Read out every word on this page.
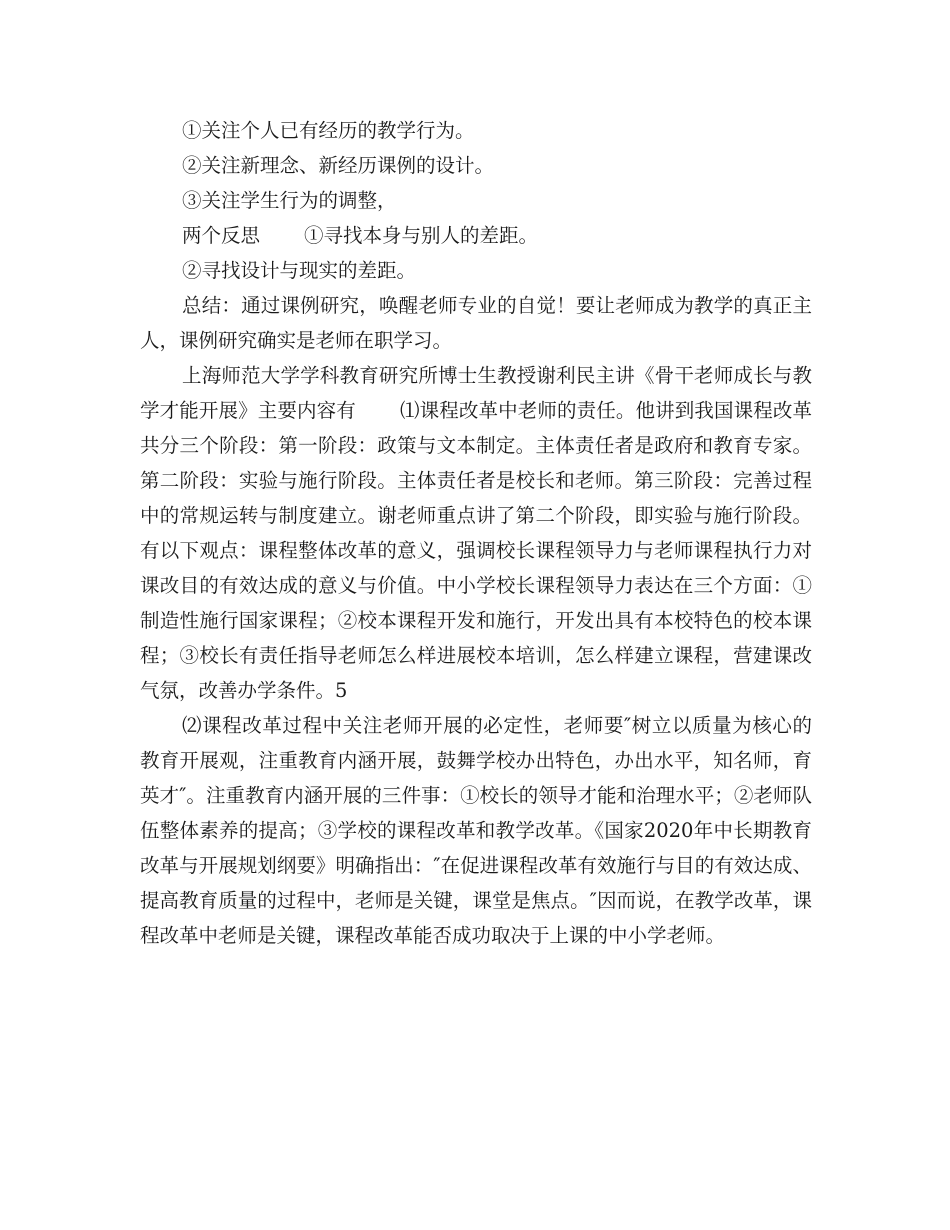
①关注个人已有经历的教学行为。

②关注新理念、新经历课例的设计。

③关注学生行为的调整，

两个反思 ①寻找本身与别人的差距。

②寻找设计与现实的差距。

总结：通过课例研究，唤醒老师专业的自觉！要让老师成为教学的真正主人，课例研究确实是老师在职学习。

上海师范大学学科教育研究所博士生教授谢利民主讲《骨干老师成长与教学才能开展》主要内容有 ⑴课程改革中老师的责任。他讲到我国课程改革共分三个阶段：第一阶段：政策与文本制定。主体责任者是政府和教育专家。第二阶段：实验与施行阶段。主体责任者是校长和老师。第三阶段：完善过程中的常规运转与制度建立。谢老师重点讲了第二个阶段，即实验与施行阶段。有以下观点：课程整体改革的意义，强调校长课程领导力与老师课程执行力对课改目的有效达成的意义与价值。中小学校长课程领导力表达在三个方面：①制造性施行国家课程；②校本课程开发和施行，开发出具有本校特色的校本课程；③校长有责任指导老师怎么样进展校本培训，怎么样建立课程，营建课改气氛，改善办学条件。5

⑵课程改革过程中关注老师开展的必定性，老师要″树立以质量为核心的教育开展观，注重教育内涵开展，鼓舞学校办出特色，办出水平，知名师，育英才″。注重教育内涵开展的三件事：①校长的领导才能和治理水平；②老师队伍整体素养的提高；③学校的课程改革和教学改革。《国家2020年中长期教育改革与开展规划纲要》明确指出：″在促进课程改革有效施行与目的有效达成、提高教育质量的过程中，老师是关键，课堂是焦点。″因而说，在教学改革，课程改革中老师是关键，课程改革能否成功取决于上课的中小学老师。
